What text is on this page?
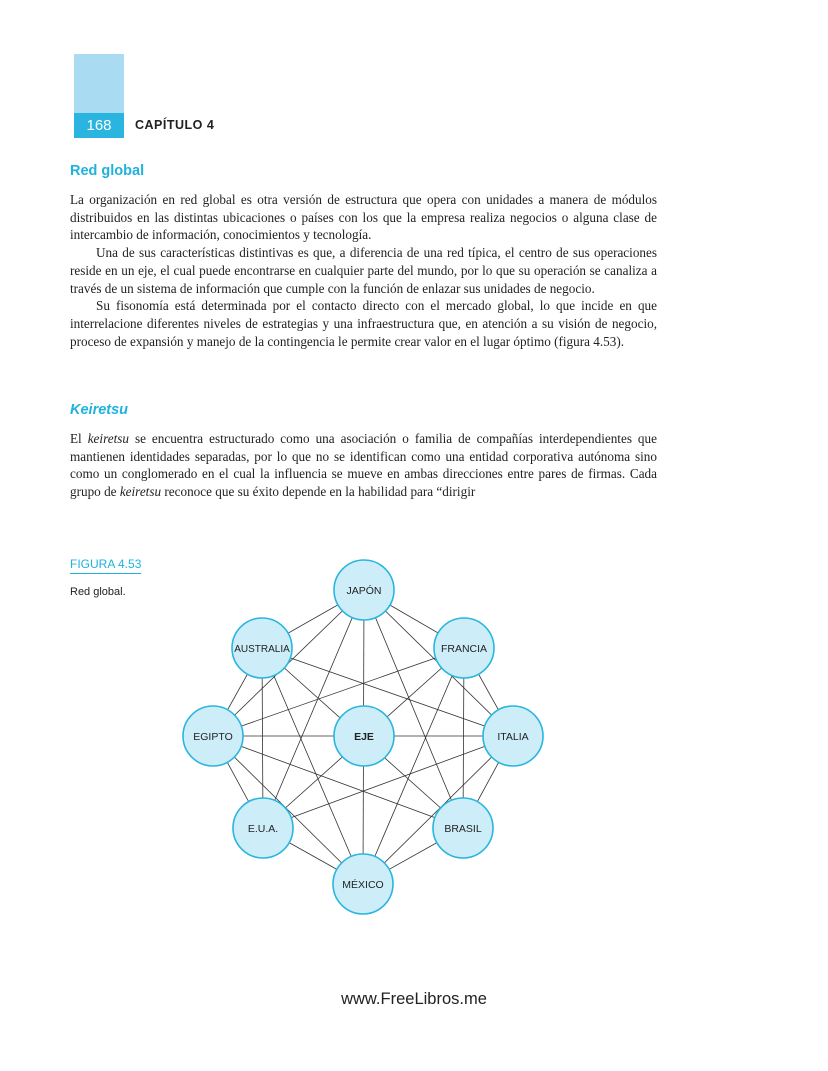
168	CAPÍTULO 4
Red global

La organización en red global es otra versión de estructura que opera con unidades a manera de módulos distribuidos en las distintas ubicaciones o países con los que la empresa realiza negocios o alguna clase de intercambio de información, conocimientos y tecnología.

Una de sus características distintivas es que, a diferencia de una red típica, el centro de sus operaciones reside en un eje, el cual puede encontrarse en cualquier parte del mundo, por lo que su operación se canaliza a través de un sistema de información que cumple con la función de enlazar sus unidades de negocio.

Su fisonomía está determinada por el contacto directo con el mercado global, lo que incide en que interrelacione diferentes niveles de estrategias y una infraestructura que, en atención a su visión de negocio, proceso de expansión y manejo de la contingencia le permite crear valor en el lugar óptimo (figura 4.53).

Keiretsu

El keiretsu se encuentra estructurado como una asociación o familia de compañías interdependientes que mantienen identidades separadas, por lo que no se identifican como una entidad corporativa autónoma sino como un conglomerado en el cual la influencia se mueve en ambas direcciones entre pares de firmas. Cada grupo de keiretsu reconoce que su éxito depende en la habilidad para “dirigir

FIGURA 4.53
Red global.	JAPÓN
FRANCIA
ITALIA
BRASIL
MÉXICO
E.U.A.
EGIPTO
AUSTRALIA
EJE
www.FreeLibros.me
